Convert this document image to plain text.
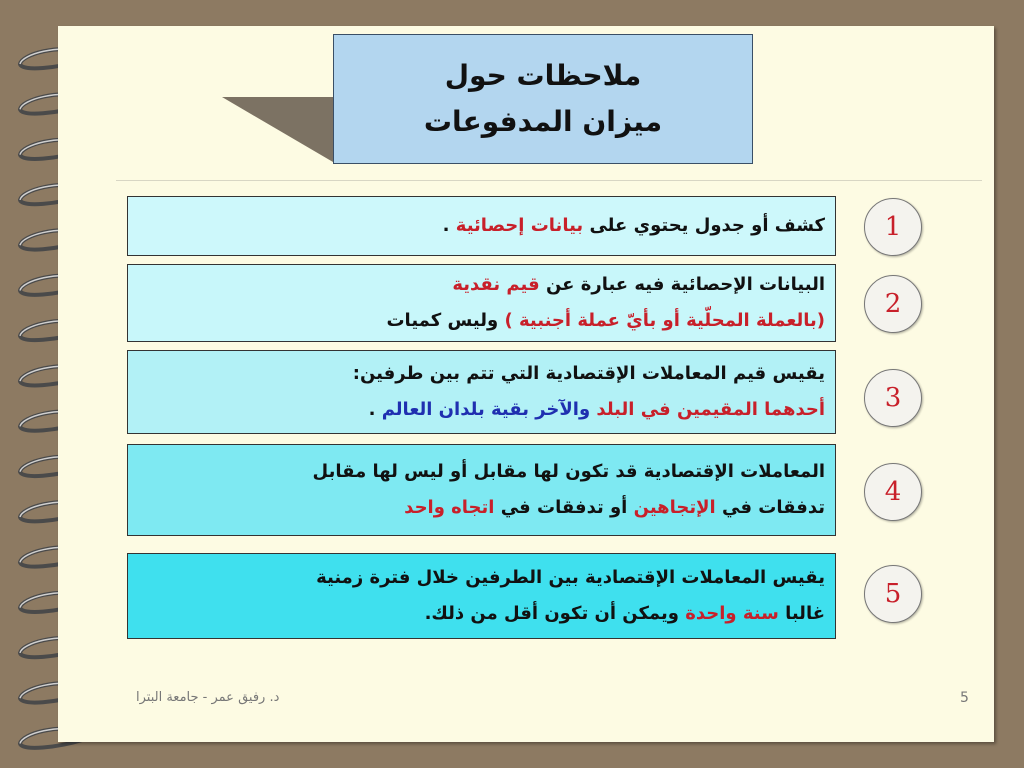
ملاحظات حول
ميزان المدفوعات
كشف أو جدول يحتوي على بيانات إحصائية .	1
البيانات الإحصائية فيه عبارة عن قيم نقدية
(بالعملة المحلّية أو بأيّ عملة أجنبية ) وليس كميات
2
يقيس قيم المعاملات الإقتصادية التي تتم بين طرفين:
أحدهما المقيمين في البلد والآخر بقية بلدان العالم .	3
المعاملات الإقتصادية قد تكون لها مقابل أو ليس لها مقابل
تدفقات في الإتجاهين أو تدفقات في اتجاه واحد
4
يقيس المعاملات الإقتصادية بين الطرفين خلال فترة زمنية
غالبا سنة واحدة ويمكن أن تكون أقل من ذلك.
5
د. رفيق عمر - جامعة البترا	5
